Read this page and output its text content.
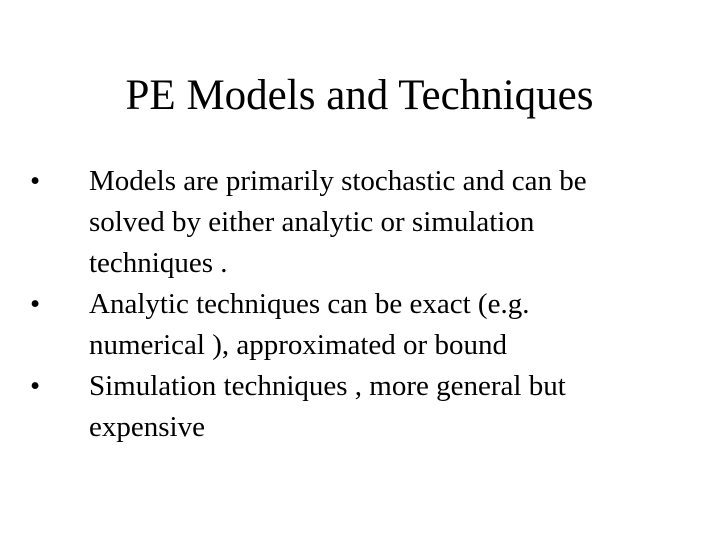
PE Models and Techniques
•	Models are primarily stochastic and can be
solved by either analytic or simulation
techniques .
•	Analytic techniques can be exact (e.g.
numerical ), approximated or bound
•	Simulation techniques , more general but
expensive
